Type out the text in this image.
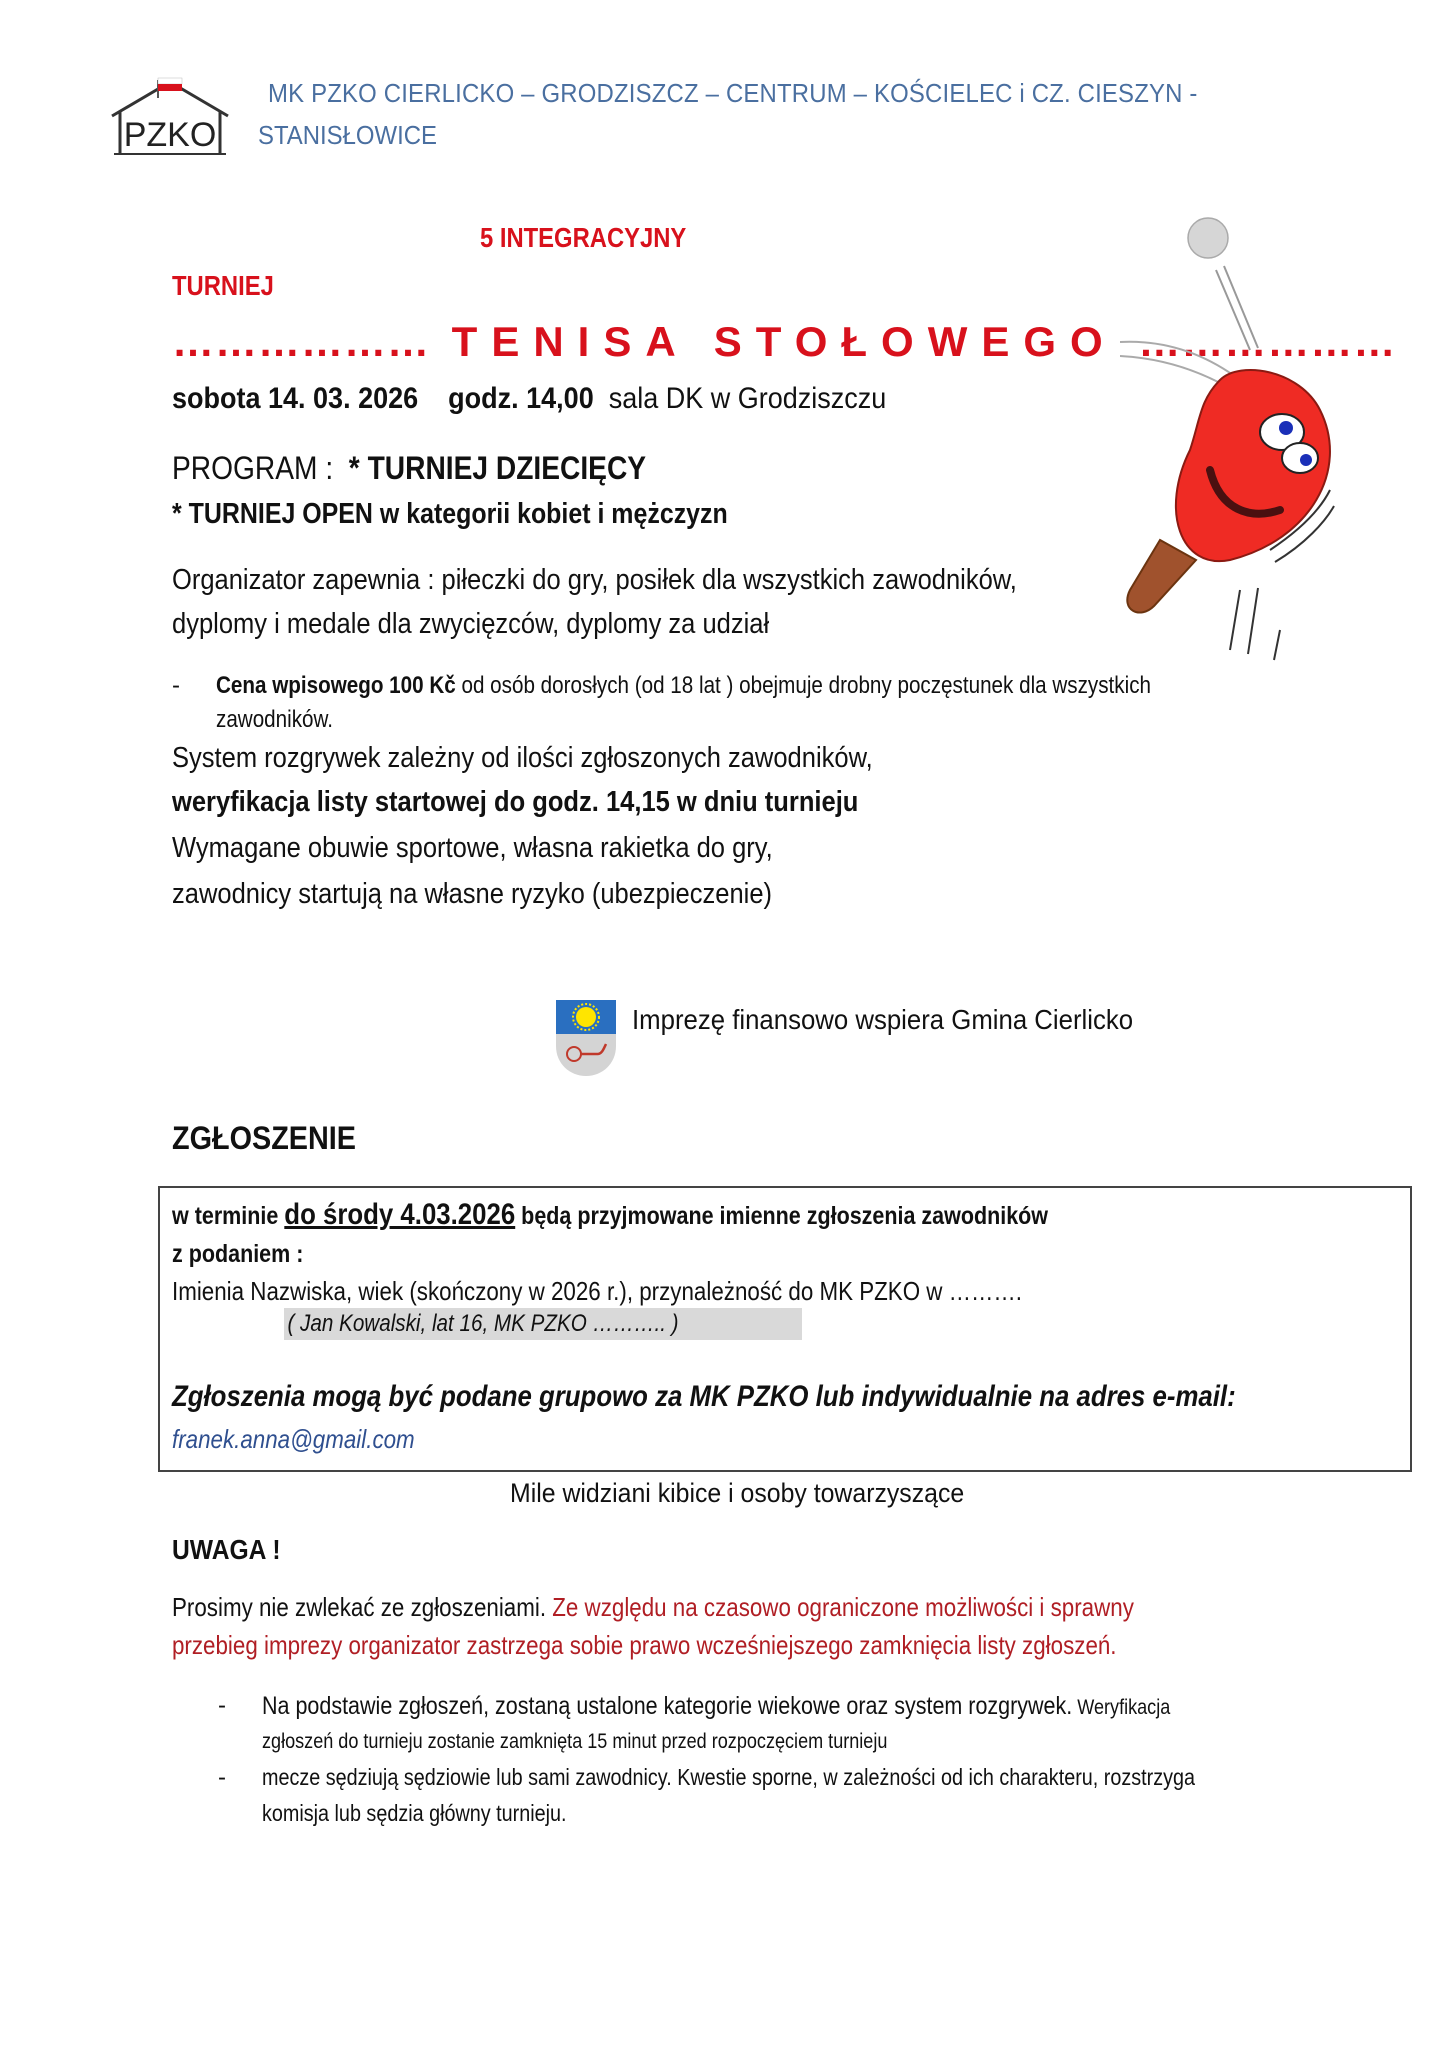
PZKO
MK PZKO CIERLICKO – GRODZISZCZ – CENTRUM – KOŚCIELEC i CZ. CIESZYN -
STANISŁOWICE
5 INTEGRACYJNY
TURNIEJ
……………… TENISA STOŁOWEGO ………………
sobota 14. 03. 2026 godz. 14,00 sala DK w Grodziszczu
PROGRAM : * TURNIEJ DZIECIĘCY
* TURNIEJ OPEN w kategorii kobiet i mężczyzn
Organizator zapewnia : piłeczki do gry, posiłek dla wszystkich zawodników,
dyplomy i medale dla zwycięzców, dyplomy za udział
- Cena wpisowego 100 Kč od osób dorosłych (od 18 lat ) obejmuje drobny poczęstunek dla wszystkich
zawodników.
System rozgrywek zależny od ilości zgłoszonych zawodników,
weryfikacja listy startowej do godz. 14,15 w dniu turnieju
Wymagane obuwie sportowe, własna rakietka do gry,
zawodnicy startują na własne ryzyko (ubezpieczenie)
Imprezę finansowo wspiera Gmina Cierlicko
ZGŁOSZENIE
w terminie do środy 4.03.2026 będą przyjmowane imienne zgłoszenia zawodników
z podaniem :
Imienia Nazwiska, wiek (skończony w 2026 r.), przynależność do MK PZKO w ……….
( Jan Kowalski, lat 16, MK PZKO ……….. )
Zgłoszenia mogą być podane grupowo za MK PZKO lub indywidualnie na adres e-mail:
franek.anna@gmail.com
Mile widziani kibice i osoby towarzyszące
UWAGA !
Prosimy nie zwlekać ze zgłoszeniami. Ze względu na czasowo ograniczone możliwości i sprawny
przebieg imprezy organizator zastrzega sobie prawo wcześniejszego zamknięcia listy zgłoszeń.
- Na podstawie zgłoszeń, zostaną ustalone kategorie wiekowe oraz system rozgrywek. Weryfikacja
zgłoszeń do turnieju zostanie zamknięta 15 minut przed rozpoczęciem turnieju
- mecze sędziują sędziowie lub sami zawodnicy. Kwestie sporne, w zależności od ich charakteru, rozstrzyga
komisja lub sędzia główny turnieju.
